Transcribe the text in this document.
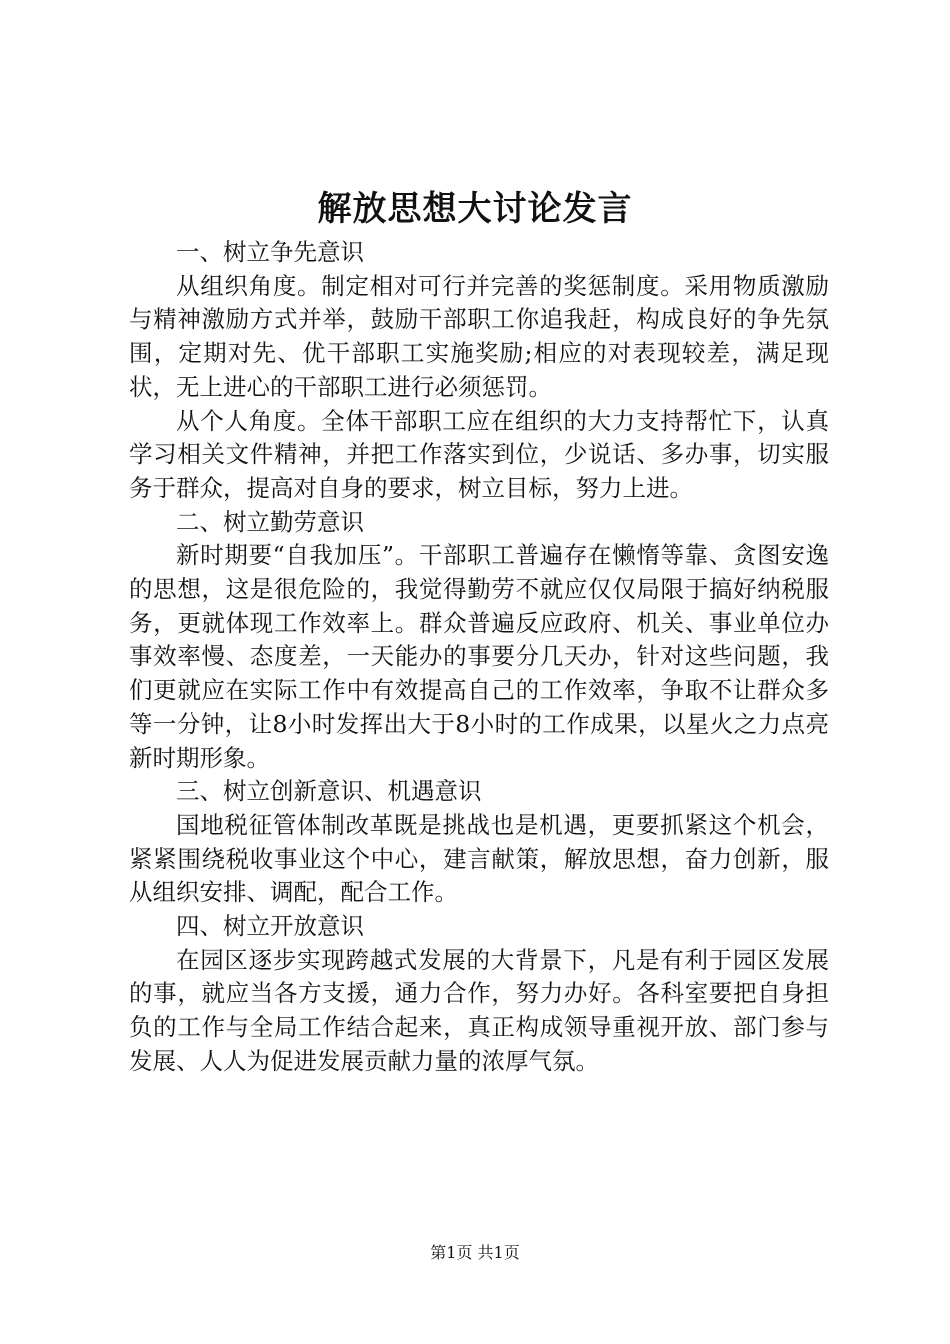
解放思想大讨论发言

一、树立争先意识

从组织角度。制定相对可行并完善的奖惩制度。采用物质激励与精神激励方式并举，鼓励干部职工你追我赶，构成良好的争先氛围，定期对先、优干部职工实施奖励;相应的对表现较差，满足现状，无上进心的干部职工进行必须惩罚。

从个人角度。全体干部职工应在组织的大力支持帮忙下，认真学习相关文件精神，并把工作落实到位，少说话、多办事，切实服务于群众，提高对自身的要求，树立目标，努力上进。

二、树立勤劳意识

新时期要“自我加压”。干部职工普遍存在懒惰等靠、贪图安逸的思想，这是很危险的，我觉得勤劳不就应仅仅局限于搞好纳税服务，更就体现工作效率上。群众普遍反应政府、机关、事业单位办事效率慢、态度差，一天能办的事要分几天办，针对这些问题，我们更就应在实际工作中有效提高自己的工作效率，争取不让群众多等一分钟，让8小时发挥出大于8小时的工作成果，以星火之力点亮新时期形象。

三、树立创新意识、机遇意识

国地税征管体制改革既是挑战也是机遇，更要抓紧这个机会，紧紧围绕税收事业这个中心，建言献策，解放思想，奋力创新，服从组织安排、调配，配合工作。

四、树立开放意识

在园区逐步实现跨越式发展的大背景下，凡是有利于园区发展的事，就应当各方支援，通力合作，努力办好。各科室要把自身担负的工作与全局工作结合起来，真正构成领导重视开放、部门参与发展、人人为促进发展贡献力量的浓厚气氛。

第1页 共1页
